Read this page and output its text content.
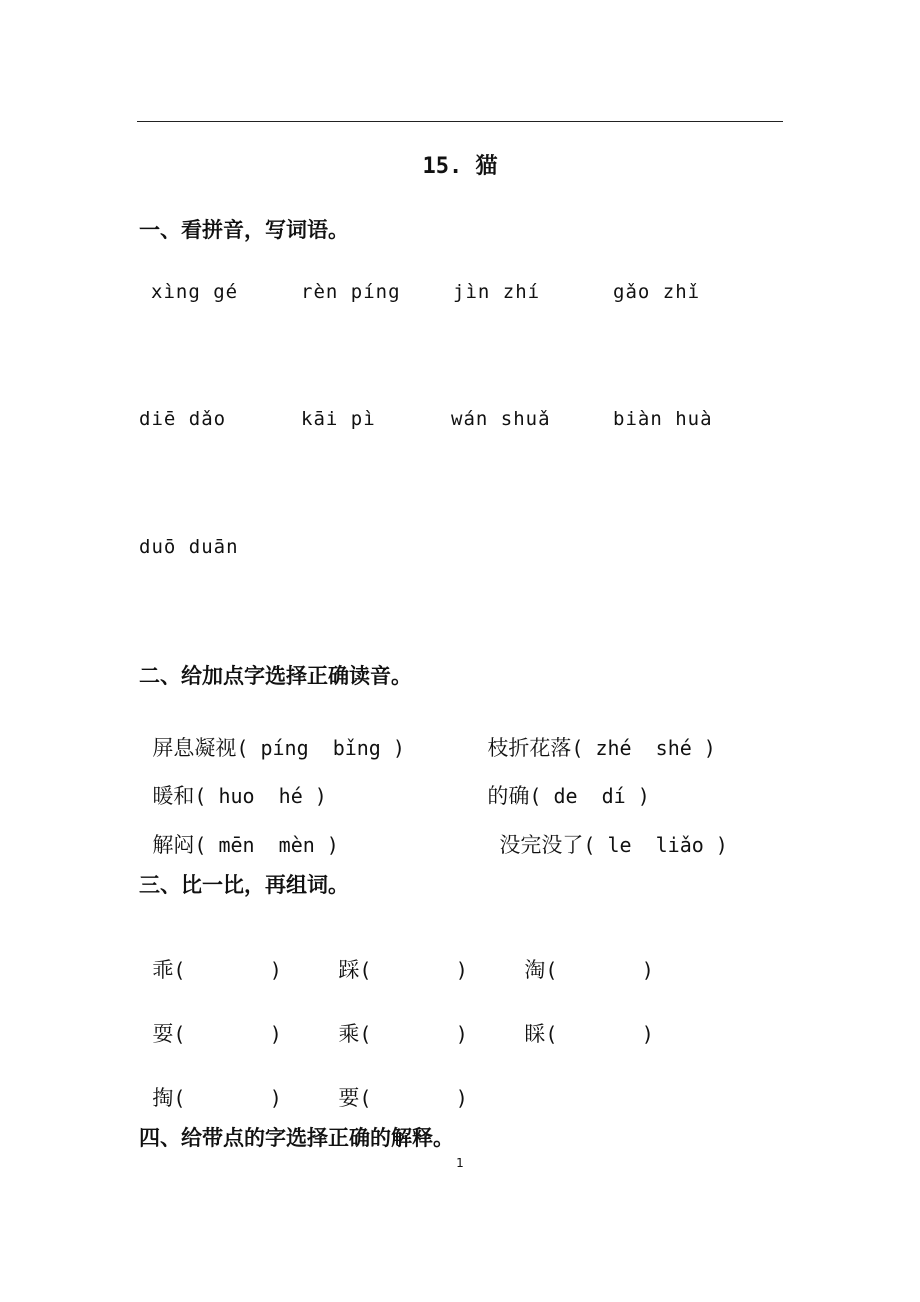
15. 猫
一、看拼音，写词语。
xìng gé	rèn píng	jìn zhí	gǎo zhǐ
diē dǎo	kāi pì	wán shuǎ	biàn huà
duō duān
二、给加点字选择正确读音。

屏息凝视( píng  bǐng )	枝折花落( zhé  shé )

暖和( huo  hé )	的确( de  dí )

解闷( mēn  mèn )	没完没了( le  liǎo )

三、比一比，再组词。

乖(       )	踩(       )	淘(       )

耍(       )	乘(       )	睬(       )

掏(       )	要(       )

四、给带点的字选择正确的解释。
1
